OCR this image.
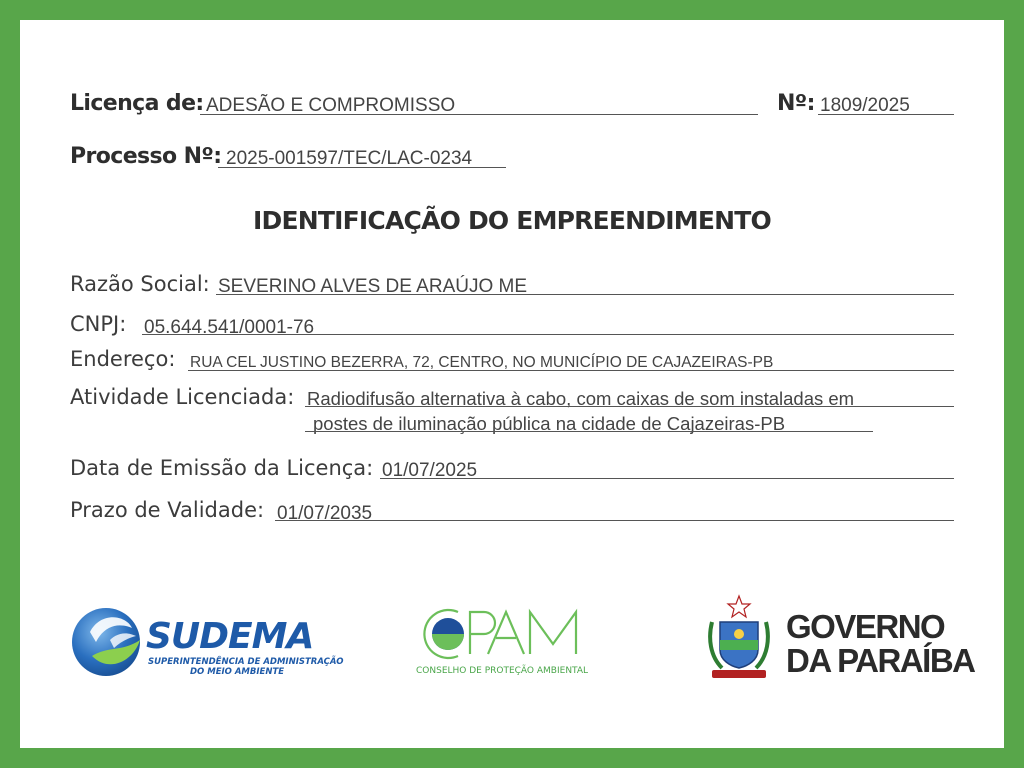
Licença de: ADESÃO E COMPROMISSO	Nº: 1809/2025
Processo Nº: 2025-001597/TEC/LAC-0234
IDENTIFICAÇÃO DO EMPREENDIMENTO
Razão Social: SEVERINO ALVES DE ARAÚJO ME
CNPJ: 05.644.541/0001-76
Endereço: RUA CEL JUSTINO BEZERRA, 72, CENTRO, NO MUNICÍPIO DE CAJAZEIRAS-PB
Atividade Licenciada: Radiodifusão alternativa à cabo, com caixas de som instaladas em
postes de iluminação pública na cidade de Cajazeiras-PB
Data de Emissão da Licença: 01/07/2025
Prazo de Validade: 01/07/2035
SUDEMA
SUPERINTENDÊNCIA DE ADMINISTRAÇÃO
DO MEIO AMBIENTE	CONSELHO DE PROTEÇÃO AMBIENTAL
GOVERNO
DA PARAÍBA
